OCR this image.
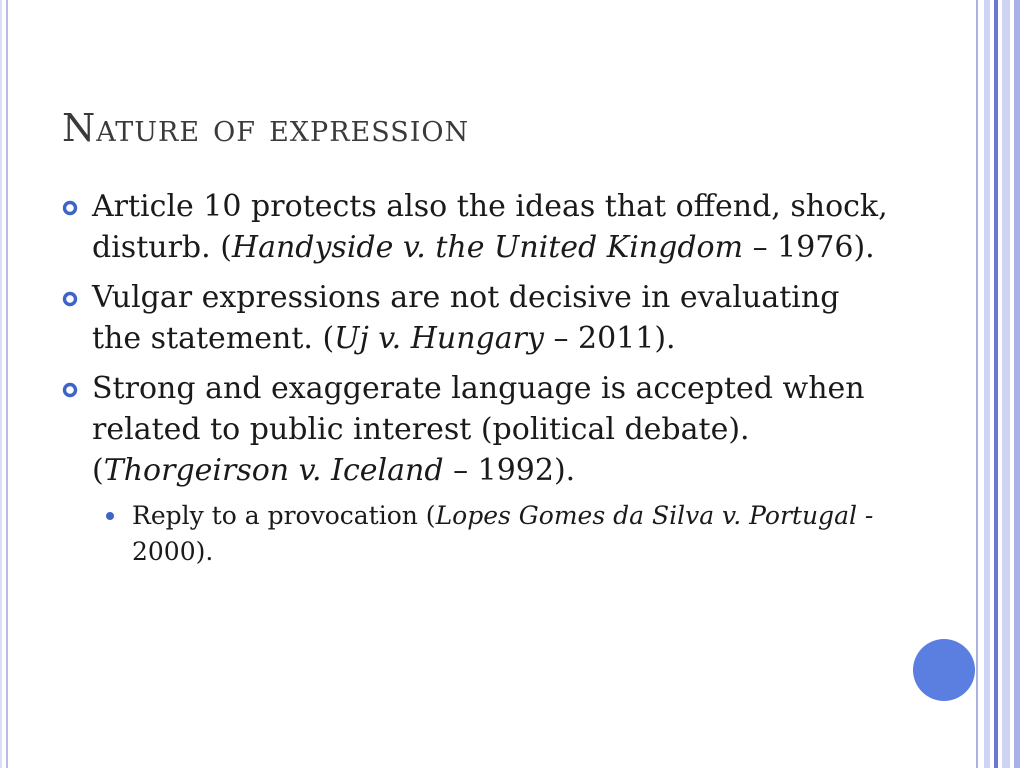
Nature of expression
Article 10 protects also the ideas that offend, shock, disturb. (Handyside v. the United Kingdom – 1976).
Vulgar expressions are not decisive in evaluating the statement. (Uj v. Hungary – 2011).
Strong and exaggerate language is accepted when related to public interest (political debate). (Thorgeirson v. Iceland – 1992).
Reply to a provocation (Lopes Gomes da Silva v. Portugal - 2000).
